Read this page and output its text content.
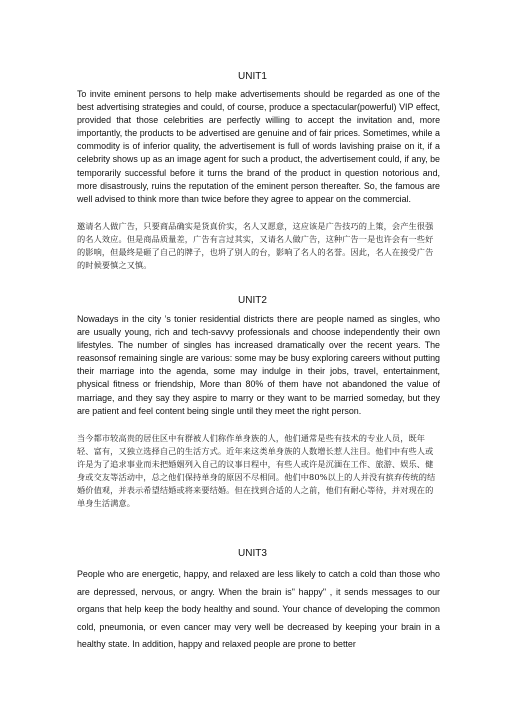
UNIT1
To invite eminent persons to help make advertisements should be regarded as one of the best advertising strategies and could, of course, produce a spectacular(powerful) VIP effect, provided that those celebrities are perfectly willing to accept the invitation and, more importantly, the products to be advertised are genuine and of fair prices. Sometimes, while a commodity is of inferior quality, the advertisement is full of words lavishing praise on it, if a celebrity shows up as an image agent for such a product, the advertisement could, if any, be temporarily successful before it turns the brand of the product in question notorious and, more disastrously, ruins the reputation of the eminent person thereafter. So, the famous are well advised to think more than twice before they agree to appear on the commercial.
邀请名人做广告，只要商品确实是货真价实，名人又愿意，这应该是广告技巧的上策，会产生很强的名人效应。但是商品质量差，广告有言过其实，又请名人做广告，这种广告一是也许会有一些好的影响，但最终是砸了自己的牌子，也坍了别人的台，影响了名人的名誉。因此，名人在接受广告的时候要慎之又慎。
UNIT2
Nowadays in the city ’s tonier residential districts there are people named as singles, who are usually young, rich and tech-savvy professionals and choose independently their own lifestyles. The number of singles has increased dramatically over the recent years. The reasonsof remaining single are various: some may be busy exploring careers without putting their marriage into the agenda, some may indulge in their jobs, travel, entertainment, physical fitness or friendship, More than 80% of them have not abandoned the value of marriage, and they say they aspire to marry or they want to be married someday, but they are patient and feel content being single until they meet the right person.
当今都市较高贵的居住区中有群被人们称作单身族的人，他们通常是些有技术的专业人员，既年轻、富有，又独立选择自己的生活方式。近年来这类单身族的人数增长惹人注目。他们中有些人或许是为了追求事业而未把婚姻列入自己的议事日程中，有些人或许是沉湎在工作、旅游、娱乐、健身或交友等活动中，总之他们保持单身的原因不尽相同。他们中80%以上的人并没有摈弃传统的结婚价值观，并表示希望结婚或将来要结婚。但在找到合适的人之前，他们有耐心等待，并对现在的单身生活满意。
UNIT3
People who are energetic, happy, and relaxed are less likely to catch a cold than those who are depressed, nervous, or angry. When the brain is" happy" , it sends messages to our organs that help keep the body healthy and sound. Your chance of developing the common cold, pneumonia, or even cancer may very well be decreased by keeping your brain in a healthy state. In addition, happy and relaxed people are prone to better
